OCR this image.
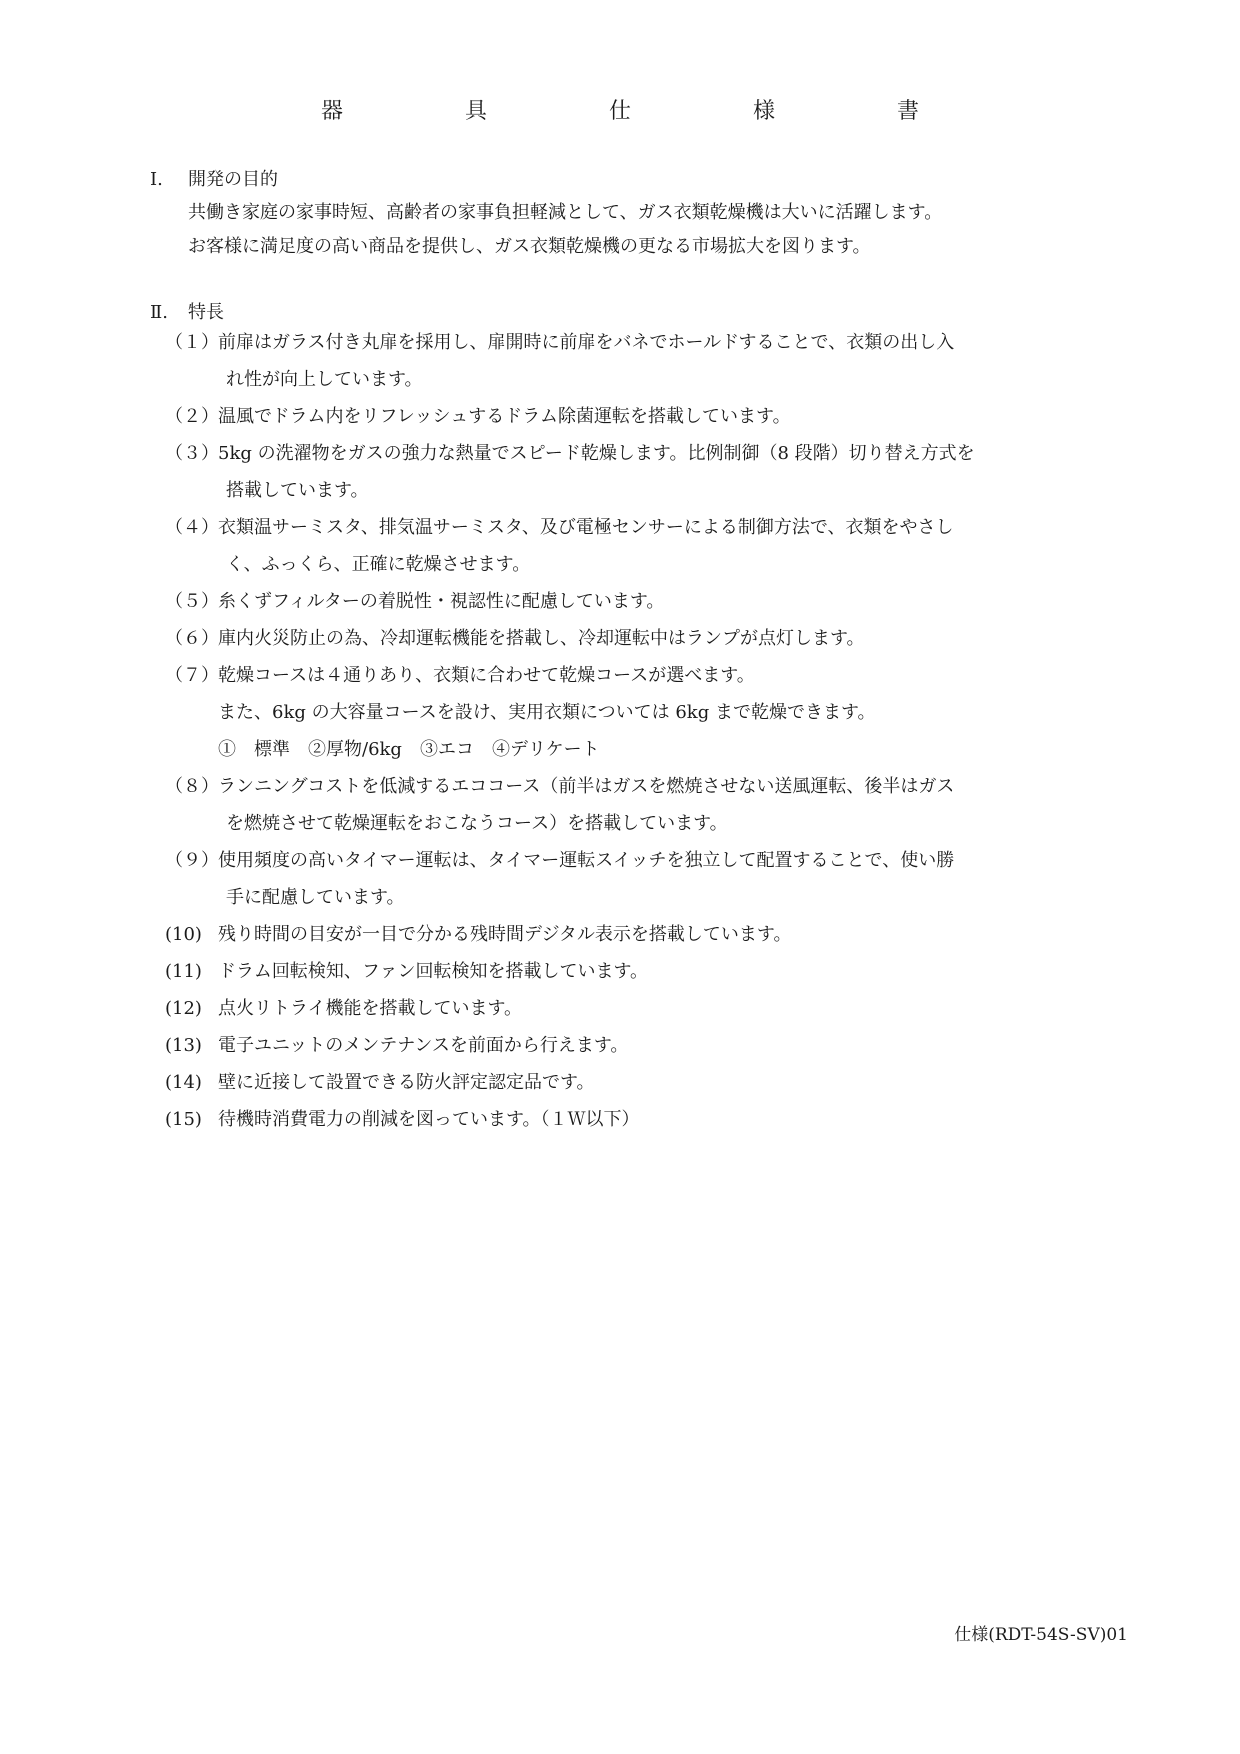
器　具　仕　様　書
Ⅰ. 開発の目的

共働き家庭の家事時短、高齢者の家事負担軽減として、ガス衣類乾燥機は大いに活躍します。

お客様に満足度の高い商品を提供し、ガス衣類乾燥機の更なる市場拡大を図ります。

Ⅱ. 特長
（１） 前扉はガラス付き丸扉を採用し、扉開時に前扉をバネでホールドすることで、衣類の出し入
れ性が向上しています。
（２） 温風でドラム内をリフレッシュするドラム除菌運転を搭載しています。
（３） 5kg の洗濯物をガスの強力な熱量でスピード乾燥します。比例制御（8 段階）切り替え方式を
搭載しています。
（４） 衣類温サーミスタ、排気温サーミスタ、及び電極センサーによる制御方法で、衣類をやさし
く、ふっくら、正確に乾燥させます。
（５） 糸くずフィルターの着脱性・視認性に配慮しています。
（６） 庫内火災防止の為、冷却運転機能を搭載し、冷却運転中はランプが点灯します。
（７） 乾燥コースは４通りあり、衣類に合わせて乾燥コースが選べます。
また、6kg の大容量コースを設け、実用衣類については 6kg まで乾燥できます。
①　標準　②厚物/6kg　③エコ　④デリケート
（８） ランニングコストを低減するエココース（前半はガスを燃焼させない送風運転、後半はガス
を燃焼させて乾燥運転をおこなうコース）を搭載しています。
（９） 使用頻度の高いタイマー運転は、タイマー運転スイッチを独立して配置することで、使い勝
手に配慮しています。
(10) 残り時間の目安が一目で分かる残時間デジタル表示を搭載しています。
(11) ドラム回転検知、ファン回転検知を搭載しています。
(12) 点火リトライ機能を搭載しています。
(13) 電子ユニットのメンテナンスを前面から行えます。
(14) 壁に近接して設置できる防火評定認定品です。
(15) 待機時消費電力の削減を図っています。（１Ｗ以下）

仕様(RDT-54S-SV)01
